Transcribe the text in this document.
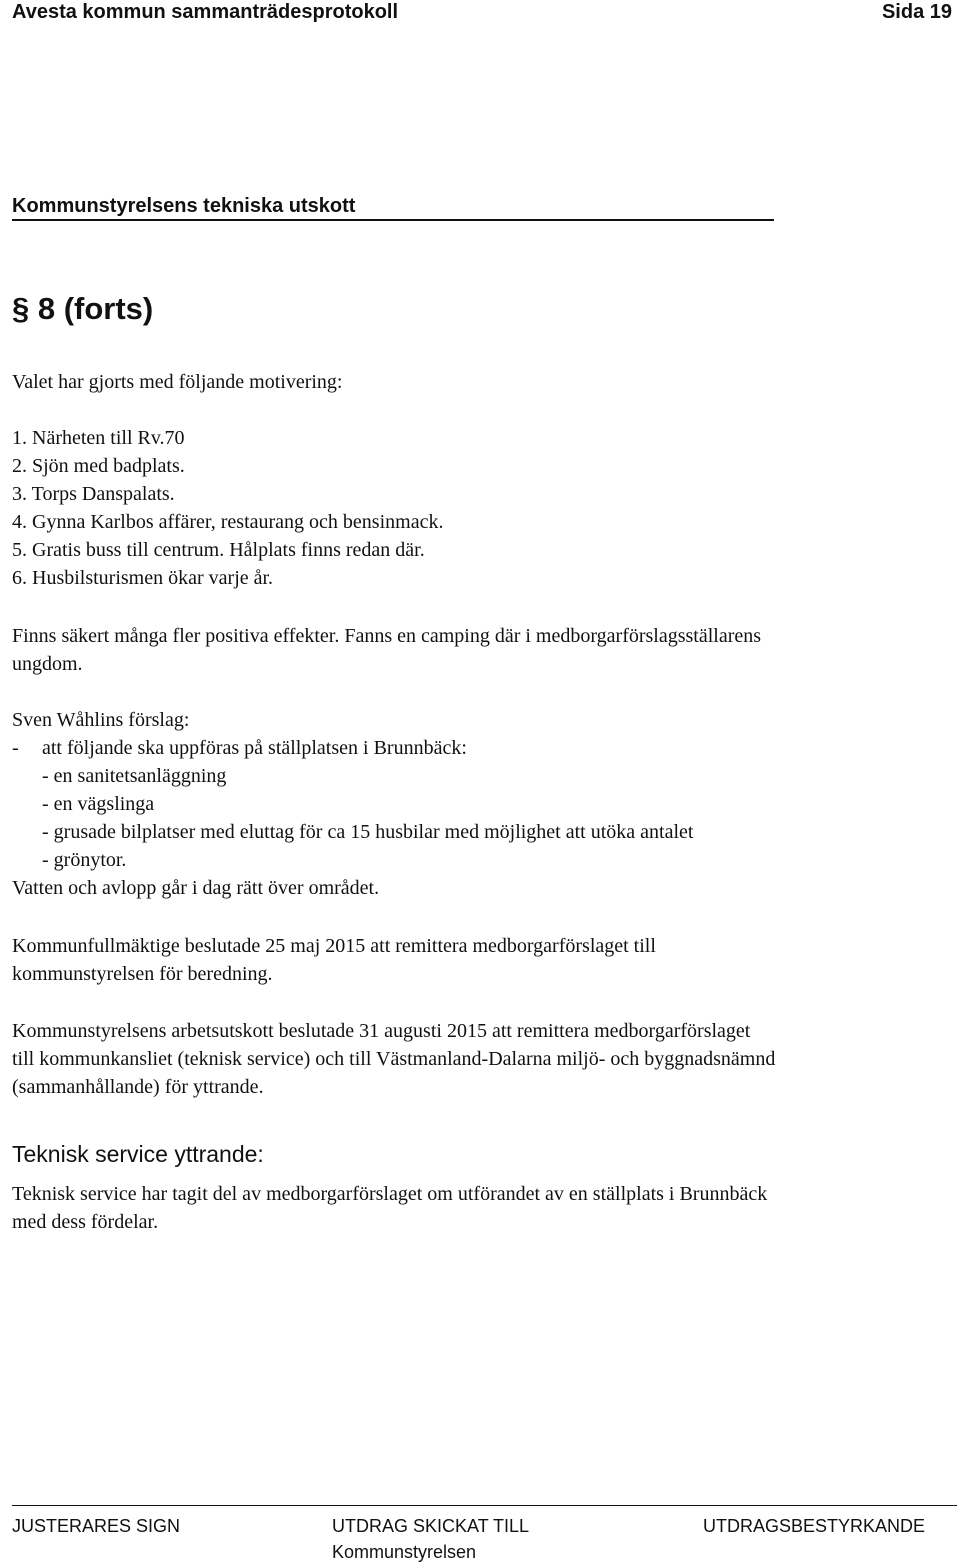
Avesta kommun sammanträdesprotokoll	Sida 19
Kommunstyrelsens tekniska utskott
§ 8 (forts)
Valet har gjorts med följande motivering:
1. Närheten till Rv.70
2. Sjön med badplats.
3. Torps Danspalats.
4. Gynna Karlbos affärer, restaurang och bensinmack.
5. Gratis buss till centrum. Hålplats finns redan där.
6. Husbilsturismen ökar varje år.
Finns säkert många fler positiva effekter. Fanns en camping där i medborgarförslagsställarens
ungdom.
Sven Wåhlins förslag:
-	att följande ska uppföras på ställplatsen i Brunnbäck:
- en sanitetsanläggning
- en vägslinga
- grusade bilplatser med eluttag för ca 15 husbilar med möjlighet att utöka antalet
- grönytor.
Vatten och avlopp går i dag rätt över området.
Kommunfullmäktige beslutade 25 maj 2015 att remittera medborgarförslaget till
kommunstyrelsen för beredning.
Kommunstyrelsens arbetsutskott beslutade 31 augusti 2015 att remittera medborgarförslaget
till kommunkansliet (teknisk service) och till Västmanland-Dalarna miljö- och byggnadsnämnd
(sammanhållande) för yttrande.
Teknisk service yttrande:
Teknisk service har tagit del av medborgarförslaget om utförandet av en ställplats i Brunnbäck
med dess fördelar.
JUSTERARES SIGN	UTDRAG SKICKAT TILL
Kommunstyrelsen
UTDRAGSBESTYRKANDE
